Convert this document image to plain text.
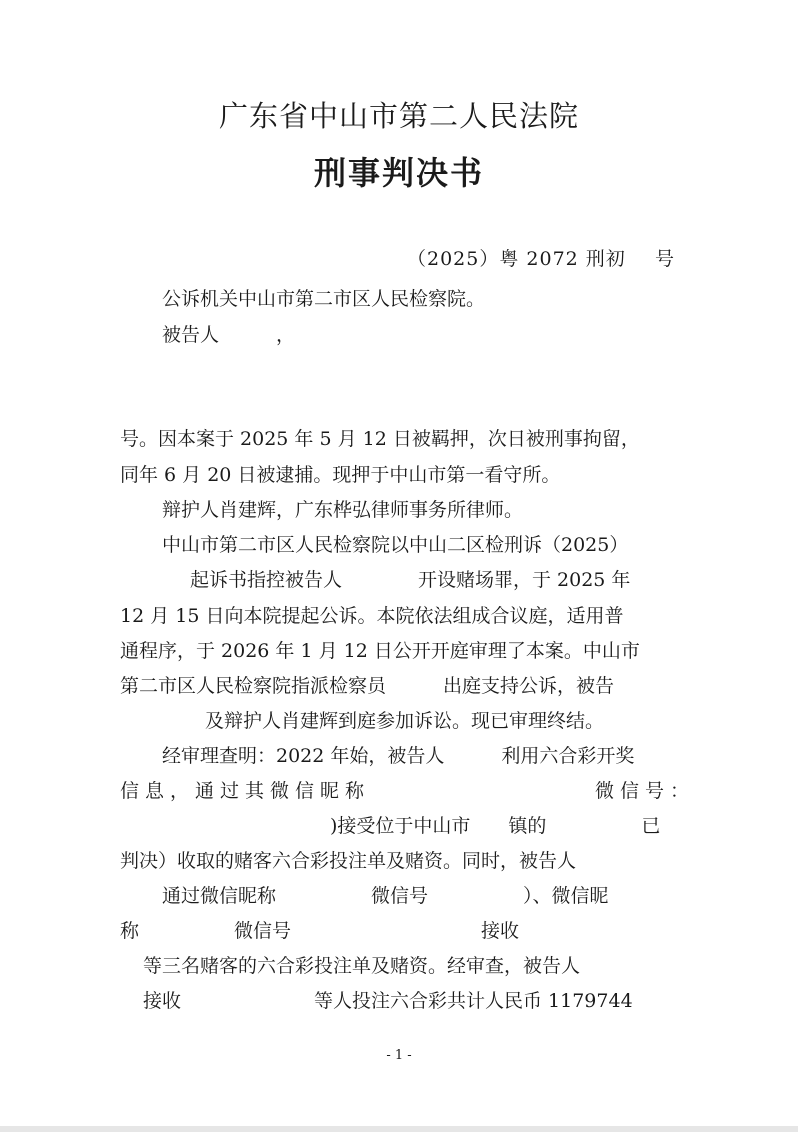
广东省中山市第二人民法院
刑事判决书
（2025）粤 2072 刑初 号
公诉机关中山市第二市区人民检察院。
被告人　　　，
号。因本案于 2025 年 5 月 12 日被羁押，次日被刑事拘留，
同年 6 月 20 日被逮捕。现押于中山市第一看守所。
辩护人肖建辉，广东桦弘律师事务所律师。
中山市第二市区人民检察院以中山二区检刑诉（2025）
起诉书指控被告人　　　　开设赌场罪，于 2025 年
12 月 15 日向本院提起公诉。本院依法组成合议庭，适用普
通程序，于 2026 年 1 月 12 日公开开庭审理了本案。中山市
第二市区人民检察院指派检察员　　　出庭支持公诉，被告
及辩护人肖建辉到庭参加诉讼。现已审理终结。
经审理查明：2022 年始，被告人　　　利用六合彩开奖
信息，通过其微信昵称　　　　　　　　　微信号：
)接受位于中山市　　镇的　　　　　已
判决）收取的赌客六合彩投注单及赌资。同时，被告人
通过微信昵称　　　　　微信号　　　　　）、微信昵
称　　　　　微信号　　　　　　　　　　接收
等三名赌客的六合彩投注单及赌资。经审查，被告人
接收　　　　　　　等人投注六合彩共计人民币 1179744
- 1 -
